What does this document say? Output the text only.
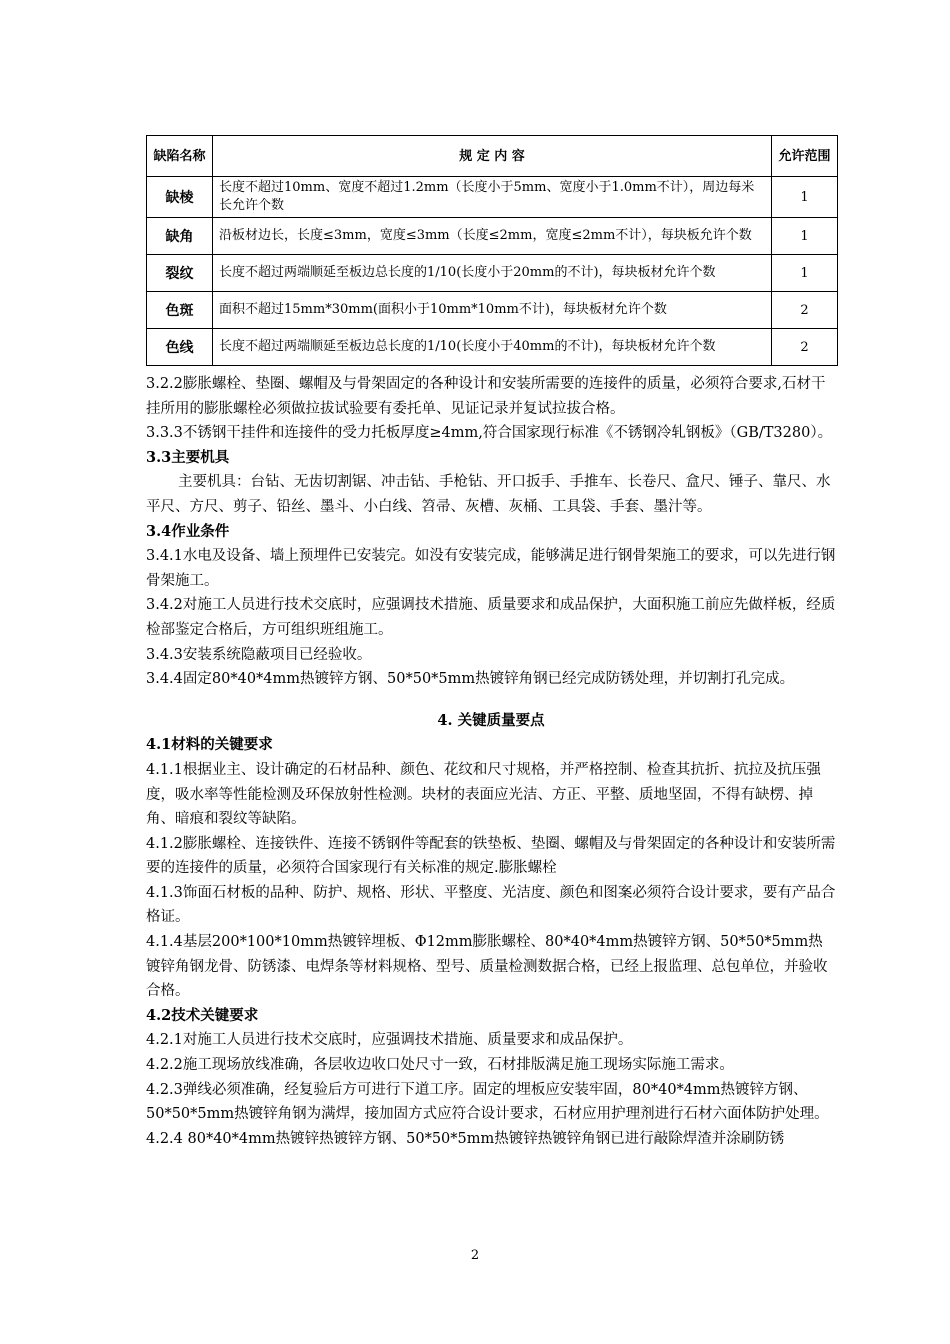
缺陷名称	规 定 内 容	允许范围
缺棱	长度不超过10mm、宽度不超过1.2mm（长度小于5mm、宽度小于1.0mm不计），周边每米长允许个数	1
缺角	沿板材边长，长度≤3mm，宽度≤3mm（长度≤2mm，宽度≤2mm不计），每块板允许个数	1
裂纹	长度不超过两端顺延至板边总长度的1/10(长度小于20mm的不计)，每块板材允许个数	1
色斑	面积不超过15mm*30mm(面积小于10mm*10mm不计)，每块板材允许个数	2
色线	长度不超过两端顺延至板边总长度的1/10(长度小于40mm的不计)，每块板材允许个数	2

3.2.2膨胀螺栓、垫圈、螺帽及与骨架固定的各种设计和安装所需要的连接件的质量，必须符合要求,石材干挂所用的膨胀螺栓必须做拉拔试验要有委托单、见证记录并复试拉拔合格。

3.3.3不锈钢干挂件和连接件的受力托板厚度≥4mm,符合国家现行标准《不锈钢冷轧钢板》（GB/T3280）。

3.3主要机具

主要机具：台钻、无齿切割锯、冲击钻、手枪钻、开口扳手、手推车、长卷尺、盒尺、锤子、靠尺、水平尺、方尺、剪子、铅丝、墨斗、小白线、笤帚、灰槽、灰桶、工具袋、手套、墨汁等。

3.4作业条件

3.4.1水电及设备、墙上预埋件已安装完。如没有安装完成，能够满足进行钢骨架施工的要求，可以先进行钢骨架施工。

3.4.2对施工人员进行技术交底时，应强调技术措施、质量要求和成品保护，大面积施工前应先做样板，经质检部鉴定合格后，方可组织班组施工。

3.4.3安装系统隐蔽项目已经验收。

3.4.4固定80*40*4mm热镀锌方钢、50*50*5mm热镀锌角钢已经完成防锈处理，并切割打孔完成。

4. 关键质量要点

4.1材料的关键要求

4.1.1根据业主、设计确定的石材品种、颜色、花纹和尺寸规格，并严格控制、检查其抗折、抗拉及抗压强度，吸水率等性能检测及环保放射性检测。块材的表面应光洁、方正、平整、质地坚固，不得有缺楞、掉角、暗痕和裂纹等缺陷。

4.1.2膨胀螺栓、连接铁件、连接不锈钢件等配套的铁垫板、垫圈、螺帽及与骨架固定的各种设计和安装所需要的连接件的质量，必须符合国家现行有关标准的规定.膨胀螺栓

4.1.3饰面石材板的品种、防护、规格、形状、平整度、光洁度、颜色和图案必须符合设计要求，要有产品合格证。

4.1.4基层200*100*10mm热镀锌埋板、Φ12mm膨胀螺栓、80*40*4mm热镀锌方钢、50*50*5mm热镀锌角钢龙骨、防锈漆、电焊条等材料规格、型号、质量检测数据合格，已经上报监理、总包单位，并验收合格。

4.2技术关键要求

4.2.1对施工人员进行技术交底时，应强调技术措施、质量要求和成品保护。

4.2.2施工现场放线准确，各层收边收口处尺寸一致，石材排版满足施工现场实际施工需求。

4.2.3弹线必须准确，经复验后方可进行下道工序。固定的埋板应安装牢固，80*40*4mm热镀锌方钢、50*50*5mm热镀锌角钢为满焊，接加固方式应符合设计要求，石材应用护理剂进行石材六面体防护处理。

4.2.4 80*40*4mm热镀锌热镀锌方钢、50*50*5mm热镀锌热镀锌角钢已进行敲除焊渣并涂刷防锈

2
